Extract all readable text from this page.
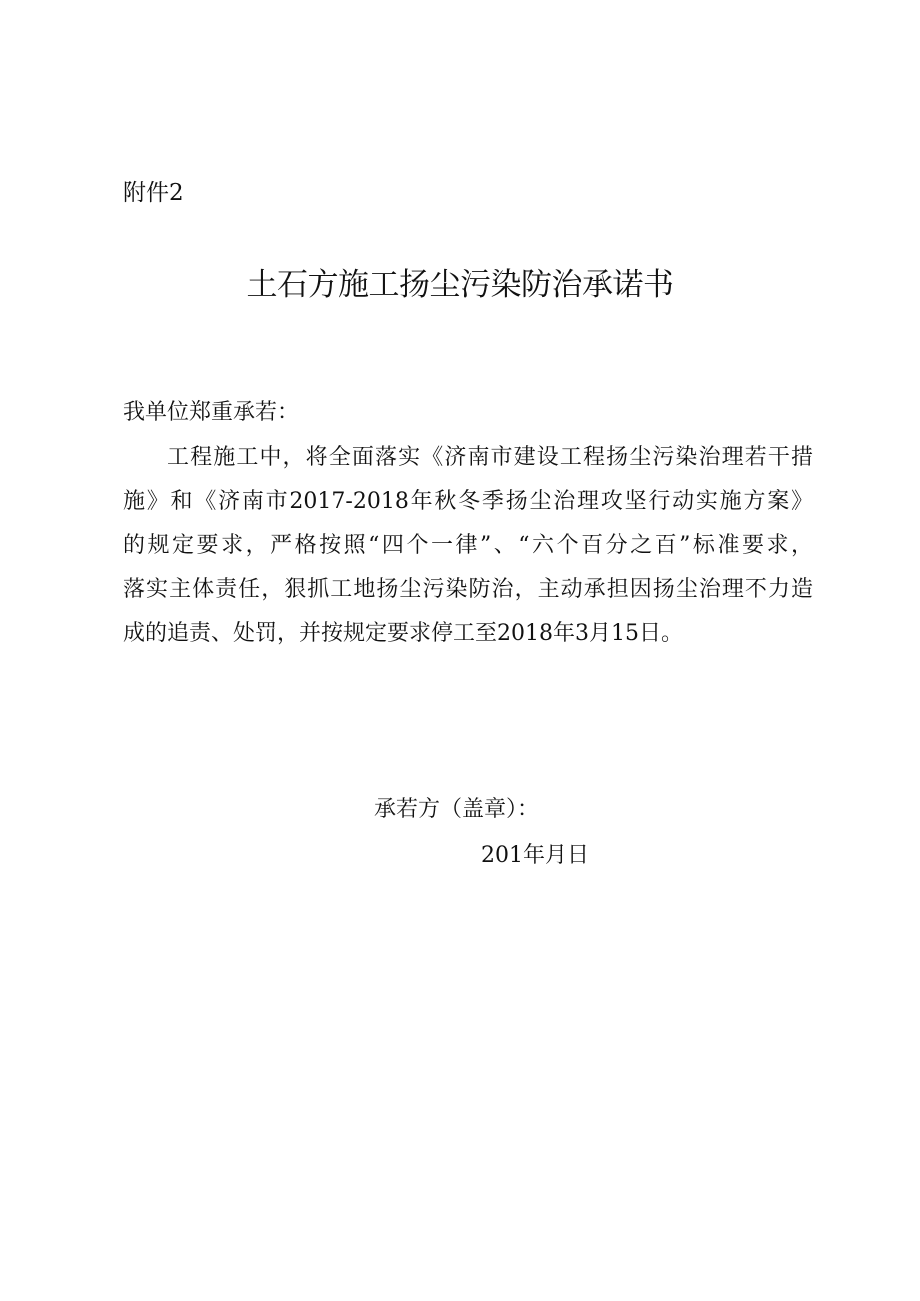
附件2
土石方施工扬尘污染防治承诺书
我单位郑重承若：
工程施工中，将全面落实《济南市建设工程扬尘污染治理若干措
施》和《济南市2017-2018年秋冬季扬尘治理攻坚行动实施方案》
的规定要求，严格按照“四个一律”、“六个百分之百”标准要求，
落实主体责任，狠抓工地扬尘污染防治，主动承担因扬尘治理不力造
成的追责、处罚，并按规定要求停工至2018年3月15日。
承若方（盖章）：
201年月日
